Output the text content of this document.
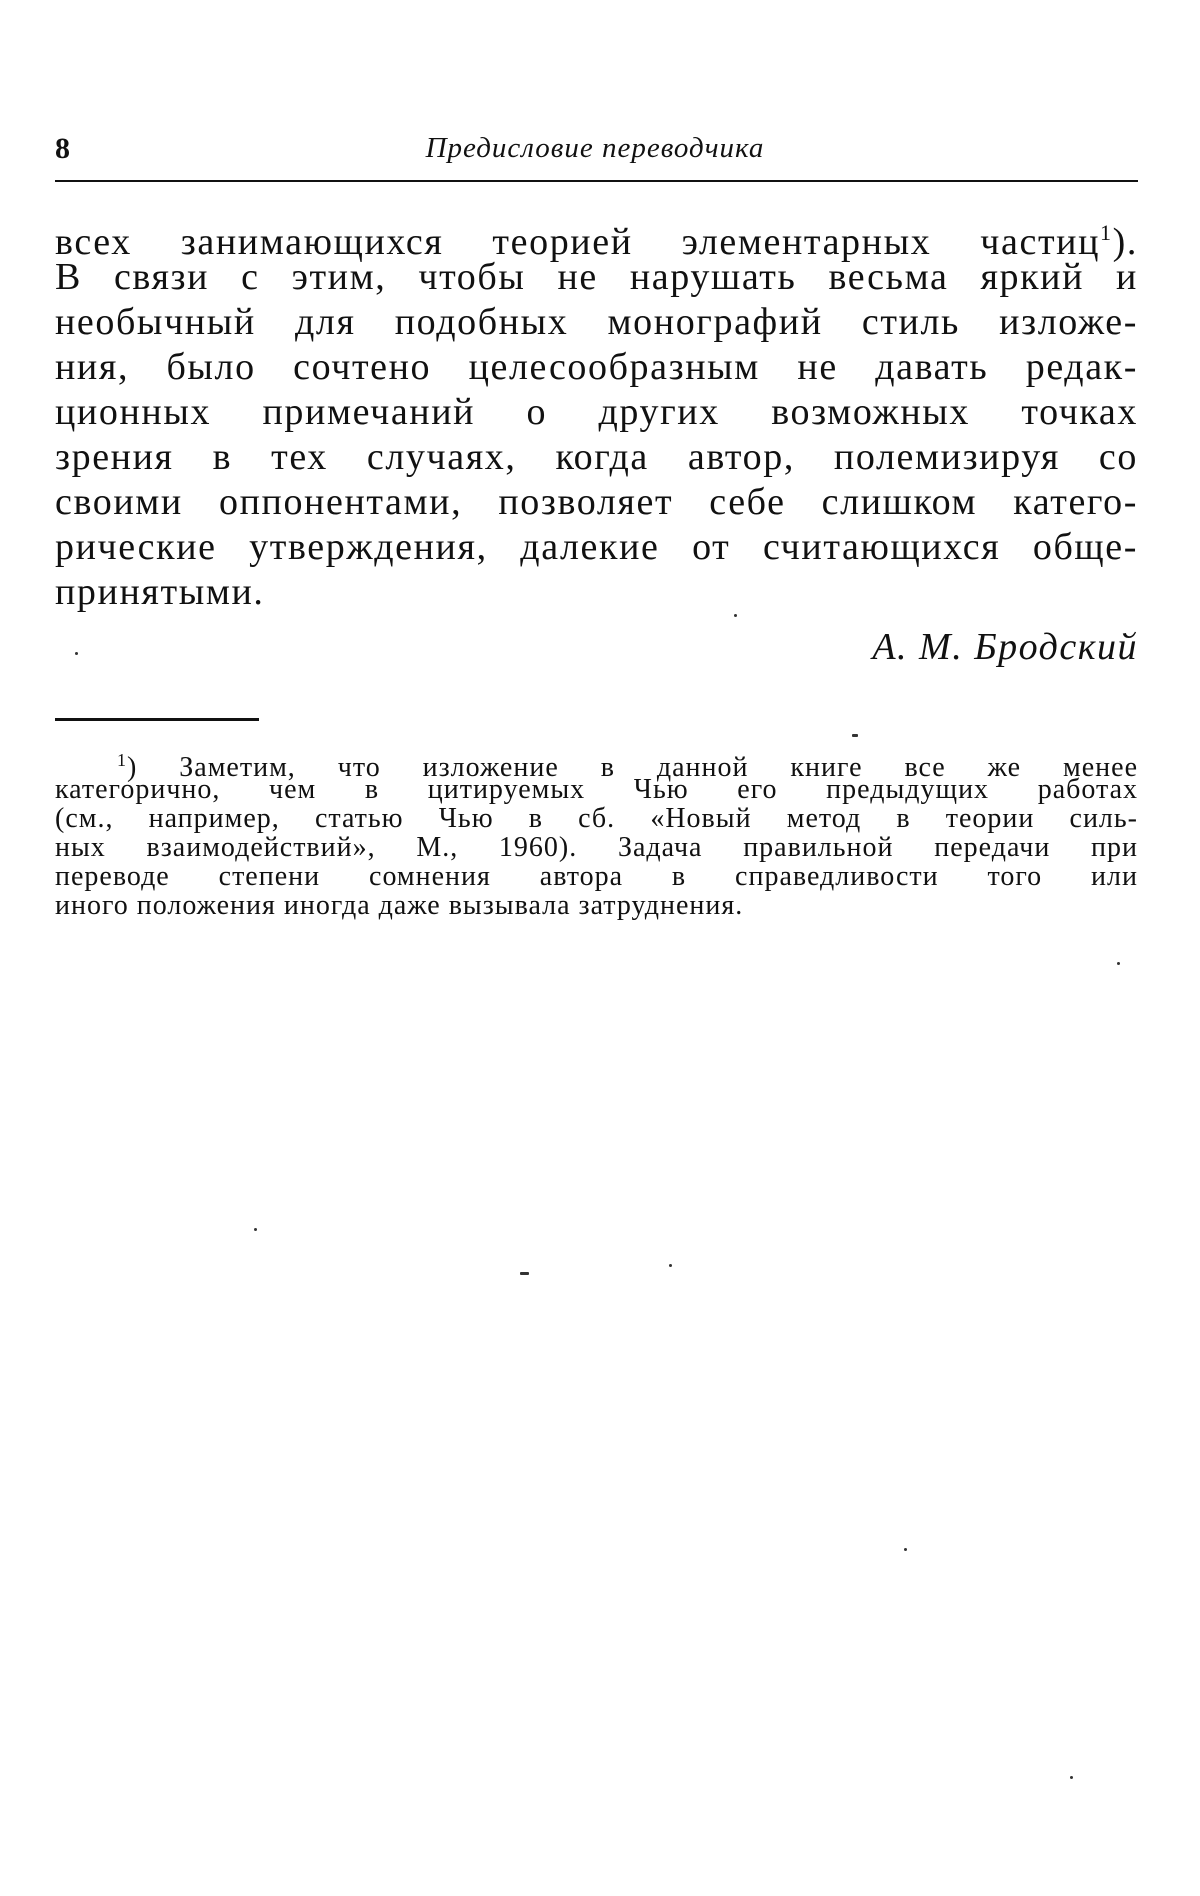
8	Предисловие переводчика
всех занимающихся теорией элементарных частиц$^1$).
В связи с этим, чтобы не нарушать весьма яркий и
необычный для подобных монографий стиль изложе-
ния, было сочтено целесообразным не давать редак-
ционных примечаний о других возможных точках
зрения в тех случаях, когда автор, полемизируя со
своими оппонентами, позволяет себе слишком катего-
рические утверждения, далекие от считающихся обще-
принятыми.
А. М. Бродский
$^1$) Заметим, что изложение в данной книге все же менее
категорично, чем в цитируемых Чью его предыдущих работах
(см., например, статью Чью в сб. «Новый метод в теории силь-
ных взаимодействий», М., 1960). Задача правильной передачи при
переводе степени сомнения автора в справедливости того или
иного положения иногда даже вызывала затруднения.
